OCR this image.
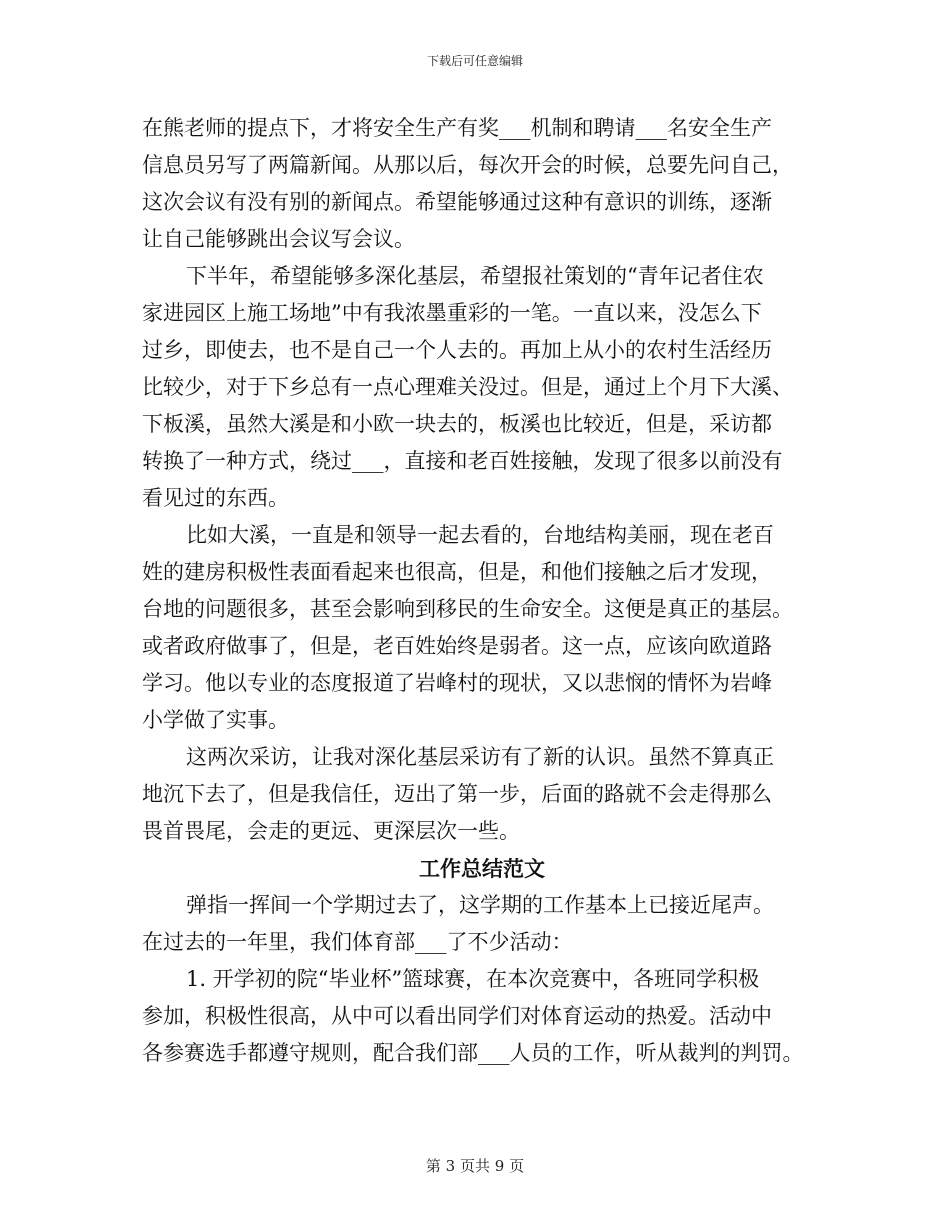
下载后可任意编辑
在熊老师的提点下，才将安全生产有奖___机制和聘请___名安全生产
信息员另写了两篇新闻。从那以后，每次开会的时候，总要先问自己，
这次会议有没有别的新闻点。希望能够通过这种有意识的训练，逐渐
让自己能够跳出会议写会议。
下半年，希望能够多深化基层，希望报社策划的“青年记者住农
家进园区上施工场地”中有我浓墨重彩的一笔。一直以来，没怎么下
过乡，即使去，也不是自己一个人去的。再加上从小的农村生活经历
比较少，对于下乡总有一点心理难关没过。但是，通过上个月下大溪、
下板溪，虽然大溪是和小欧一块去的，板溪也比较近，但是，采访都
转换了一种方式，绕过___，直接和老百姓接触，发现了很多以前没有
看见过的东西。
比如大溪，一直是和领导一起去看的，台地结构美丽，现在老百
姓的建房积极性表面看起来也很高，但是，和他们接触之后才发现，
台地的问题很多，甚至会影响到移民的生命安全。这便是真正的基层。
或者政府做事了，但是，老百姓始终是弱者。这一点，应该向欧道路
学习。他以专业的态度报道了岩峰村的现状，又以悲悯的情怀为岩峰
小学做了实事。
这两次采访，让我对深化基层采访有了新的认识。虽然不算真正
地沉下去了，但是我信任，迈出了第一步，后面的路就不会走得那么
畏首畏尾，会走的更远、更深层次一些。
工作总结范文
弹指一挥间一个学期过去了，这学期的工作基本上已接近尾声。
在过去的一年里，我们体育部___了不少活动：
1. 开学初的院“毕业杯”篮球赛，在本次竞赛中，各班同学积极
参加，积极性很高，从中可以看出同学们对体育运动的热爱。活动中
各参赛选手都遵守规则，配合我们部___人员的工作，听从裁判的判罚。
第 3 页共 9 页
